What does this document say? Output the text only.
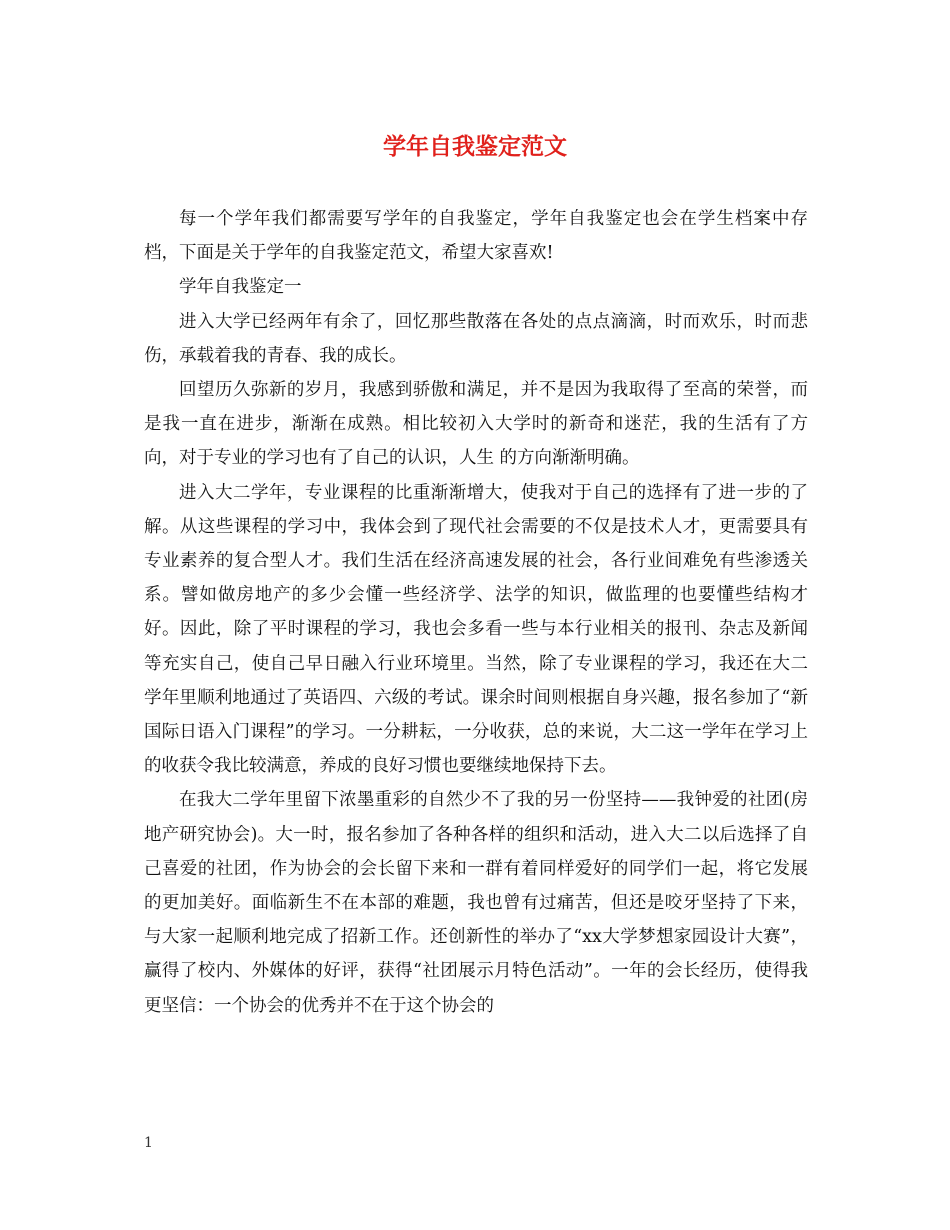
学年自我鉴定范文

每一个学年我们都需要写学年的自我鉴定，学年自我鉴定也会在学生档案中存档，下面是关于学年的自我鉴定范文，希望大家喜欢!

学年自我鉴定一

进入大学已经两年有余了，回忆那些散落在各处的点点滴滴，时而欢乐，时而悲伤，承载着我的青春、我的成长。

回望历久弥新的岁月，我感到骄傲和满足，并不是因为我取得了至高的荣誉，而是我一直在进步，渐渐在成熟。相比较初入大学时的新奇和迷茫，我的生活有了方向，对于专业的学习也有了自己的认识，人生 的方向渐渐明确。

进入大二学年，专业课程的比重渐渐增大，使我对于自己的选择有了进一步的了解。从这些课程的学习中，我体会到了现代社会需要的不仅是技术人才，更需要具有专业素养的复合型人才。我们生活在经济高速发展的社会，各行业间难免有些渗透关系。譬如做房地产的多少会懂一些经济学、法学的知识，做监理的也要懂些结构才好。因此，除了平时课程的学习，我也会多看一些与本行业相关的报刊、杂志及新闻等充实自己，使自己早日融入行业环境里。当然，除了专业课程的学习，我还在大二学年里顺利地通过了英语四、六级的考试。课余时间则根据自身兴趣，报名参加了“新国际日语入门课程”的学习。一分耕耘，一分收获，总的来说，大二这一学年在学习上的收获令我比较满意，养成的良好习惯也要继续地保持下去。

在我大二学年里留下浓墨重彩的自然少不了我的另一份坚持——我钟爱的社团(房地产研究协会)。大一时，报名参加了各种各样的组织和活动，进入大二以后选择了自己喜爱的社团，作为协会的会长留下来和一群有着同样爱好的同学们一起，将它发展的更加美好。面临新生不在本部的难题，我也曾有过痛苦，但还是咬牙坚持了下来，与大家一起顺利地完成了招新工作。还创新性的举办了“xx大学梦想家园设计大赛”，赢得了校内、外媒体的好评，获得“社团展示月特色活动”。一年的会长经历，使得我更坚信：一个协会的优秀并不在于这个协会的

1
